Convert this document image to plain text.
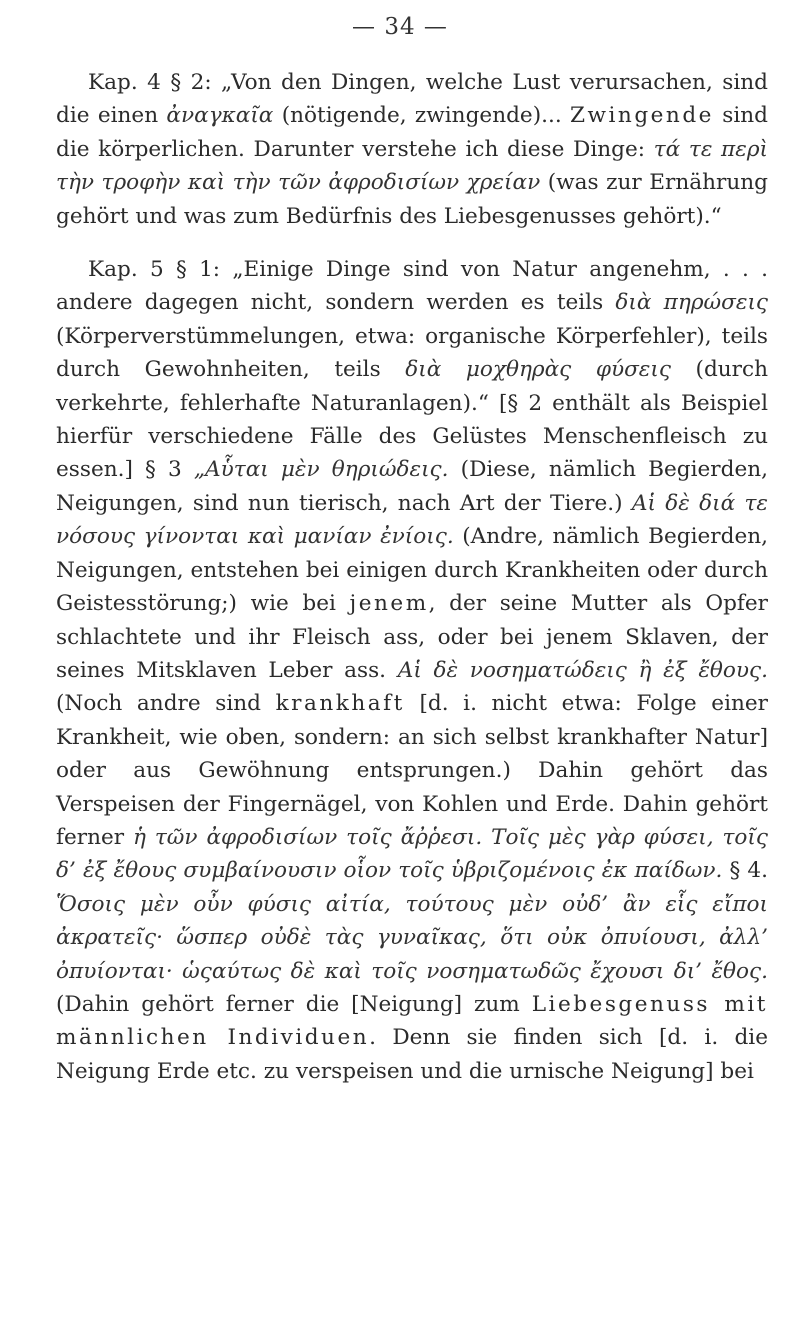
— 34 —

Kap. 4 § 2: „Von den Dingen, welche Lust verursachen, sind die einen ἀναγκαῖα (nötigende, zwingende)... Zwingende sind die körperlichen. Darunter verstehe ich diese Dinge: τά τε περὶ τὴν τροφὴν καὶ τὴν τῶν ἀφροδισίων χρείαν (was zur Ernährung gehört und was zum Bedürfnis des Liebesgenusses gehört).“

Kap. 5 § 1: „Einige Dinge sind von Natur angenehm, . . . andere dagegen nicht, sondern werden es teils διὰ πηρώσεις (Körperverstümmelungen, etwa: organische Körperfehler), teils durch Gewohnheiten, teils διὰ μοχθηρὰς φύσεις (durch verkehrte, fehlerhafte Naturanlagen).“ [§ 2 enthält als Beispiel hierfür verschiedene Fälle des Gelüstes Menschenfleisch zu essen.] § 3 „Αὗται μὲν θηριώδεις. (Diese, nämlich Begierden, Neigungen, sind nun tierisch, nach Art der Tiere.) Αἱ δὲ διά τε νόσους γίνονται καὶ μανίαν ἐνίοις. (Andre, nämlich Begierden, Neigungen, entstehen bei einigen durch Krankheiten oder durch Geistesstörung;) wie bei jenem, der seine Mutter als Opfer schlachtete und ihr Fleisch ass, oder bei jenem Sklaven, der seines Mitsklaven Leber ass. Αἱ δὲ νοσηματώδεις ἢ ἐξ ἔθους. (Noch andre sind krankhaft [d. i. nicht etwa: Folge einer Krankheit, wie oben, sondern: an sich selbst krankhafter Natur] oder aus Gewöhnung entsprungen.) Dahin gehört das Verspeisen der Fingernägel, von Kohlen und Erde. Dahin gehört ferner ἡ τῶν ἀφροδισίων τοῖς ἄῤῥεσι. Τοῖς μὲς γὰρ φύσει, τοῖς δ’ ἐξ ἔθους συμβαίνουσιν οἷον τοῖς ὑβριζομένοις ἐκ παίδων. § 4. Ὅσοις μὲν οὖν φύσις αἰτία, τούτους μὲν οὐδ’ ἂν εἷς εἴποι ἀκρατεῖς· ὥσπερ οὐδὲ τὰς γυναῖκας, ὅτι οὐκ ὀπυίουσι, ἀλλ’ ὀπυίονται· ὡςαύτως δὲ καὶ τοῖς νοσηματωδῶς ἔχουσι δι’ ἔθος. (Dahin gehört ferner die [Neigung] zum Liebesgenuss mit männlichen Individuen. Denn sie finden sich [d. i. die Neigung Erde etc. zu verspeisen und die urnische Neigung] bei
